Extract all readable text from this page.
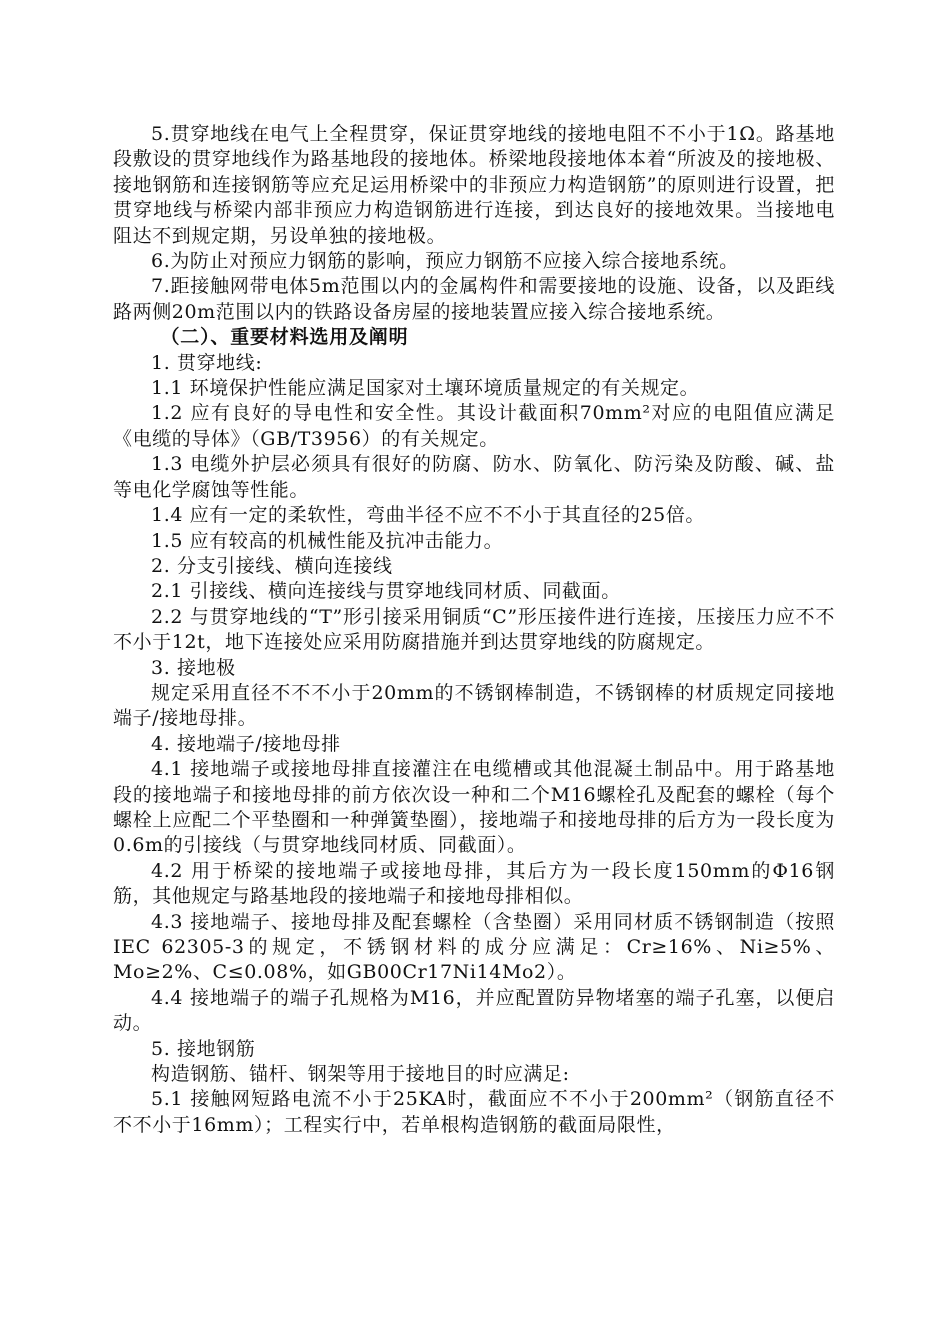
5.贯穿地线在电气上全程贯穿，保证贯穿地线的接地电阻不不小于1Ω。路基地段敷设的贯穿地线作为路基地段的接地体。桥梁地段接地体本着“所波及的接地极、接地钢筋和连接钢筋等应充足运用桥梁中的非预应力构造钢筋”的原则进行设置，把贯穿地线与桥梁内部非预应力构造钢筋进行连接，到达良好的接地效果。当接地电阻达不到规定期，另设单独的接地极。

6.为防止对预应力钢筋的影响，预应力钢筋不应接入综合接地系统。

7.距接触网带电体5m范围以内的金属构件和需要接地的设施、设备，以及距线路两侧20m范围以内的铁路设备房屋的接地装置应接入综合接地系统。

（二）、重要材料选用及阐明

1. 贯穿地线:

1.1 环境保护性能应满足国家对土壤环境质量规定的有关规定。

1.2 应有良好的导电性和安全性。其设计截面积70mm²对应的电阻值应满足《电缆的导体》（GB/T3956）的有关规定。

1.3 电缆外护层必须具有很好的防腐、防水、防氧化、防污染及防酸、碱、盐等电化学腐蚀等性能。

1.4 应有一定的柔软性，弯曲半径不应不不小于其直径的25倍。

1.5 应有较高的机械性能及抗冲击能力。

2. 分支引接线、横向连接线

2.1 引接线、横向连接线与贯穿地线同材质、同截面。

2.2 与贯穿地线的“T”形引接采用铜质“C”形压接件进行连接，压接压力应不不不小于12t，地下连接处应采用防腐措施并到达贯穿地线的防腐规定。

3. 接地极

规定采用直径不不不小于20mm的不锈钢棒制造，不锈钢棒的材质规定同接地端子/接地母排。

4. 接地端子/接地母排

4.1 接地端子或接地母排直接灌注在电缆槽或其他混凝土制品中。用于路基地段的接地端子和接地母排的前方依次设一种和二个M16螺栓孔及配套的螺栓（每个螺栓上应配二个平垫圈和一种弹簧垫圈），接地端子和接地母排的后方为一段长度为0.6m的引接线（与贯穿地线同材质、同截面）。

4.2 用于桥梁的接地端子或接地母排，其后方为一段长度150mm的Φ16钢筋，其他规定与路基地段的接地端子和接地母排相似。

4.3 接地端子、接地母排及配套螺栓（含垫圈）采用同材质不锈钢制造（按照IEC 62305-3的规定，不锈钢材料的成分应满足：Cr≥16%、Ni≥5%、Mo≥2%、C≤0.08%，如GB00Cr17Ni14Mo2）。

4.4 接地端子的端子孔规格为M16，并应配置防异物堵塞的端子孔塞，以便启动。

5. 接地钢筋

构造钢筋、锚杆、钢架等用于接地目的时应满足:

5.1 接触网短路电流不小于25KA时，截面应不不小于200mm²（钢筋直径不不不小于16mm）；工程实行中，若单根构造钢筋的截面局限性，
